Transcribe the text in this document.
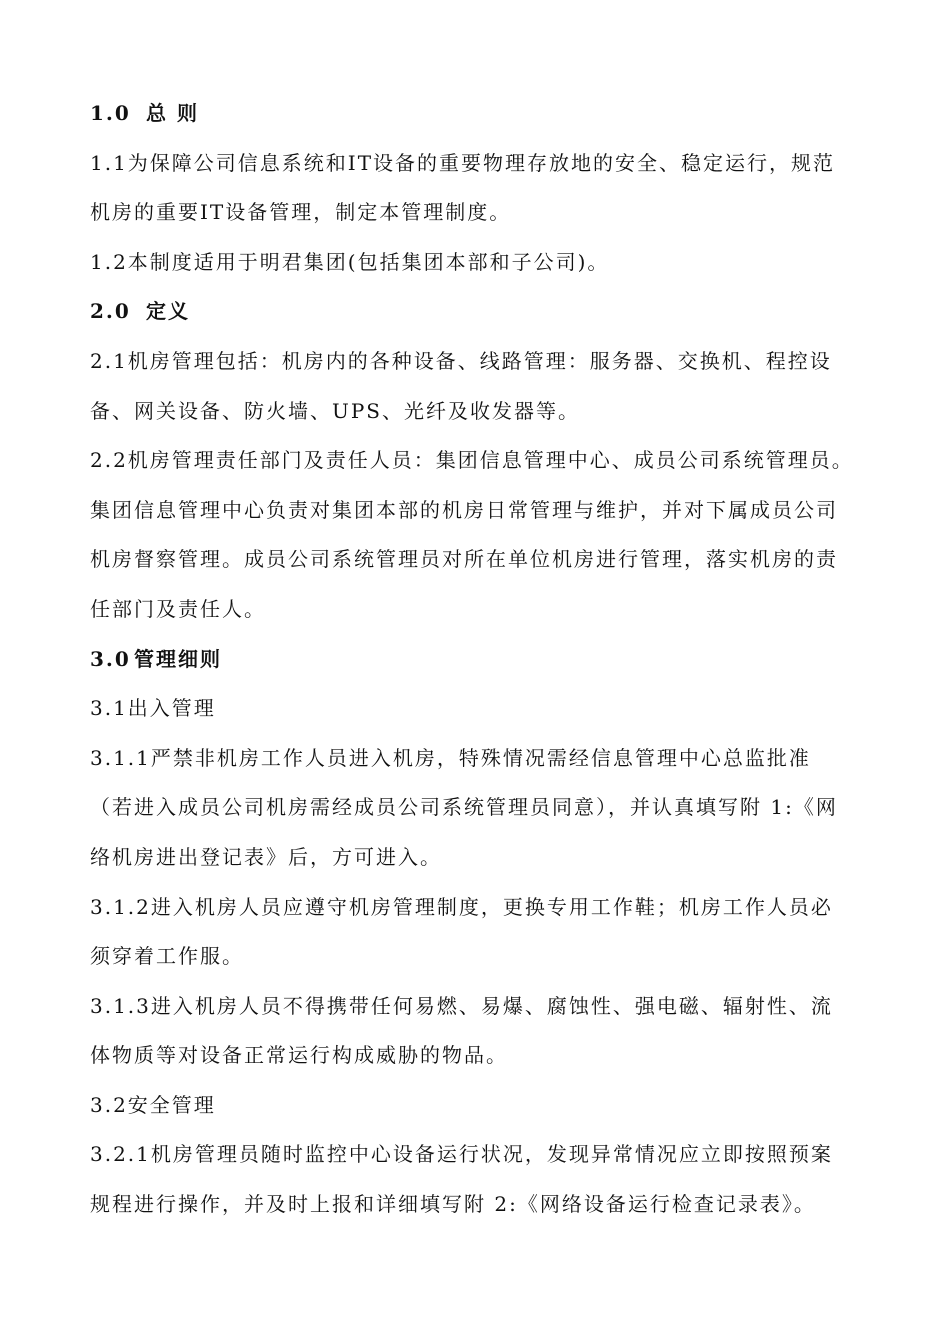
1.0 总 则

1.1为保障公司信息系统和IT设备的重要物理存放地的安全、稳定运行，规范

机房的重要IT设备管理，制定本管理制度。

1.2本制度适用于明君集团(包括集团本部和子公司)。

2.0 定义

2.1机房管理包括：机房内的各种设备、线路管理：服务器、交换机、程控设

备、网关设备、防火墙、UPS、光纤及收发器等。

2.2机房管理责任部门及责任人员：集团信息管理中心、成员公司系统管理员。

集团信息管理中心负责对集团本部的机房日常管理与维护，并对下属成员公司

机房督察管理。成员公司系统管理员对所在单位机房进行管理，落实机房的责

任部门及责任人。

3.0 管理细则

3.1出入管理

3.1.1严禁非机房工作人员进入机房，特殊情况需经信息管理中心总监批准

（若进入成员公司机房需经成员公司系统管理员同意），并认真填写附 1:《网

络机房进出登记表》后，方可进入。

3.1.2进入机房人员应遵守机房管理制度，更换专用工作鞋；机房工作人员必

须穿着工作服。

3.1.3进入机房人员不得携带任何易燃、易爆、腐蚀性、强电磁、辐射性、流

体物质等对设备正常运行构成威胁的物品。

3.2安全管理

3.2.1机房管理员随时监控中心设备运行状况，发现异常情况应立即按照预案

规程进行操作，并及时上报和详细填写附 2:《网络设备运行检查记录表》。
